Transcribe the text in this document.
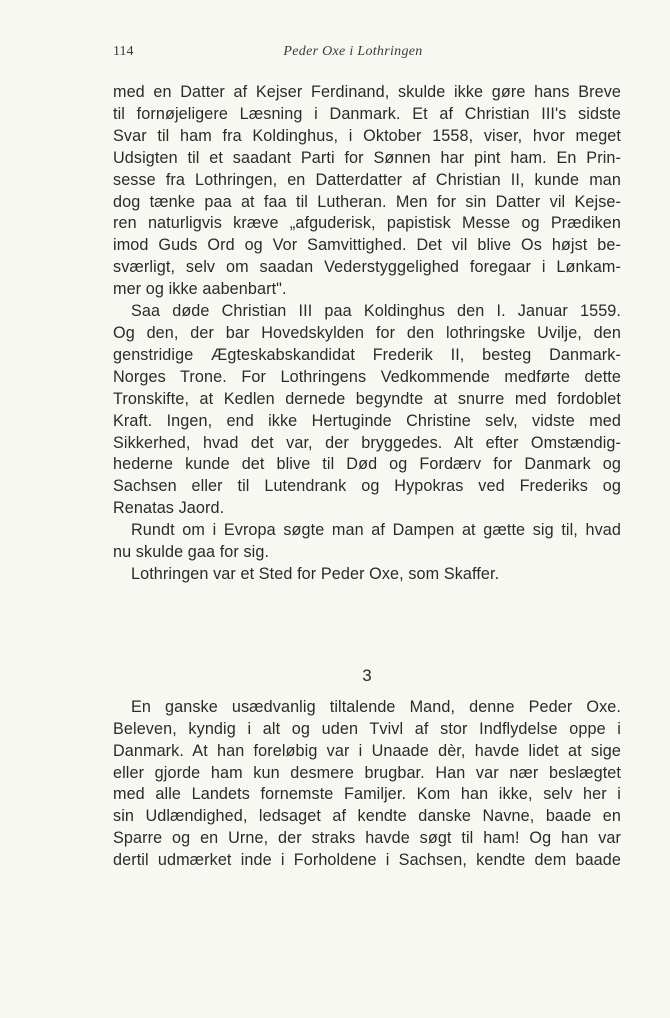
114	Peder Oxe i Lothringen

med en Datter af Kejser Ferdinand, skulde ikke gøre hans Breve

til fornøjeligere Læsning i Danmark. Et af Christian III's sidste

Svar til ham fra Koldinghus, i Oktober 1558, viser, hvor meget

Udsigten til et saadant Parti for Sønnen har pint ham. En Prin-

sesse fra Lothringen, en Datterdatter af Christian II, kunde man

dog tænke paa at faa til Lutheran. Men for sin Datter vil Kejse-

ren naturligvis kræve „afguderisk, papistisk Messe og Prædiken

imod Guds Ord og Vor Samvittighed. Det vil blive Os højst be-

sværligt, selv om saadan Vederstyggelighed foregaar i Lønkam-

mer og ikke aabenbart".

Saa døde Christian III paa Koldinghus den I. Januar 1559.

Og den, der bar Hovedskylden for den lothringske Uvilje, den

genstridige Ægteskabskandidat Frederik II, besteg Danmark-

Norges Trone. For Lothringens Vedkommende medførte dette

Tronskifte, at Kedlen dernede begyndte at snurre med fordoblet

Kraft. Ingen, end ikke Hertuginde Christine selv, vidste med

Sikkerhed, hvad det var, der bryggedes. Alt efter Omstændig-

hederne kunde det blive til Død og Fordærv for Danmark og

Sachsen eller til Lutendrank og Hypokras ved Frederiks og

Renatas Jaord.

Rundt om i Evropa søgte man af Dampen at gætte sig til, hvad

nu skulde gaa for sig.

Lothringen var et Sted for Peder Oxe, som Skaffer.

3

En ganske usædvanlig tiltalende Mand, denne Peder Oxe.

Beleven, kyndig i alt og uden Tvivl af stor Indflydelse oppe i

Danmark. At han foreløbig var i Unaade dèr, havde lidet at sige

eller gjorde ham kun desmere brugbar. Han var nær beslægtet

med alle Landets fornemste Familjer. Kom han ikke, selv her i

sin Udlændighed, ledsaget af kendte danske Navne, baade en

Sparre og en Urne, der straks havde søgt til ham! Og han var

dertil udmærket inde i Forholdene i Sachsen, kendte dem baade
